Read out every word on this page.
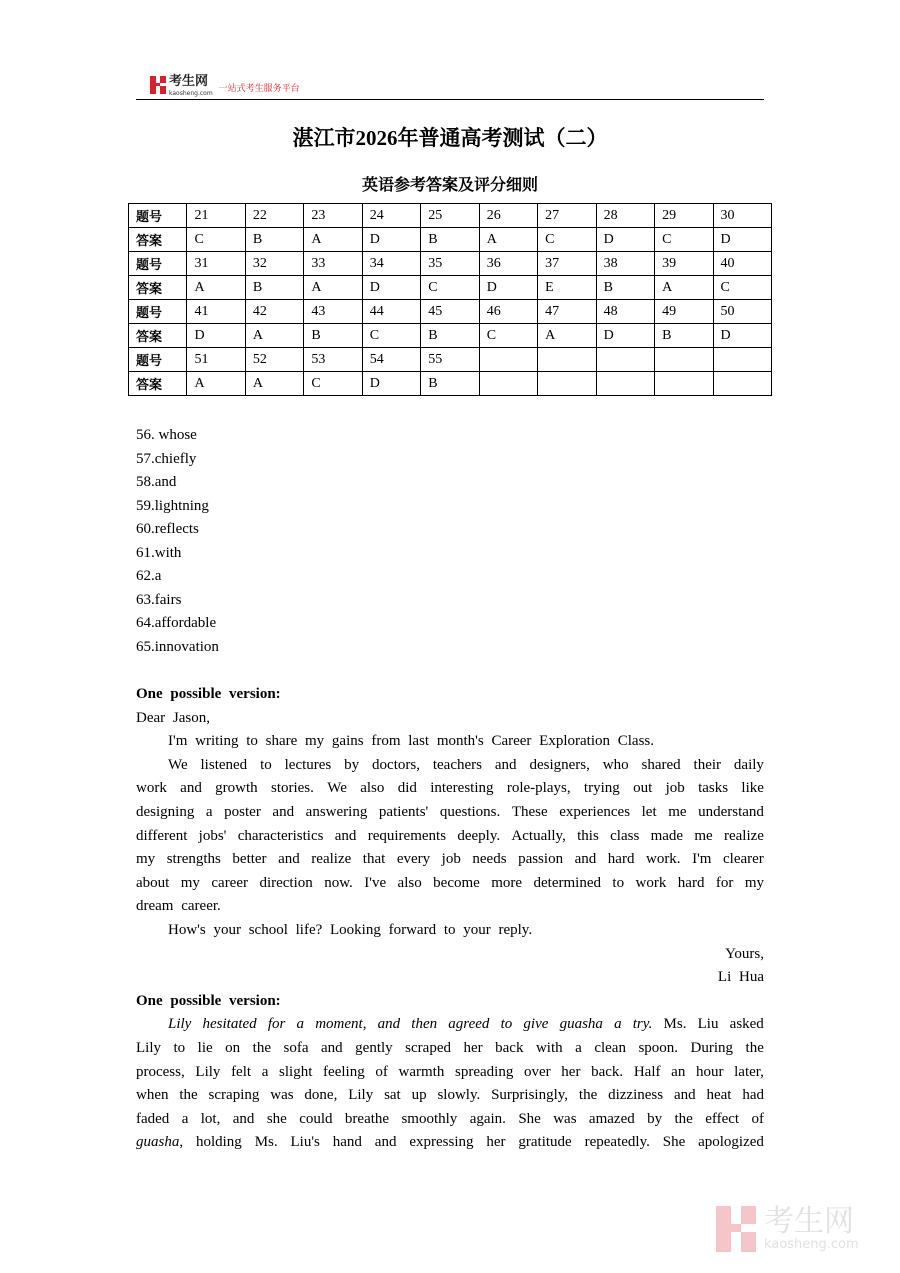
考生网
kaosheng.com 一站式考生服务平台
湛江市2026年普通高考测试（二）
英语参考答案及评分细则
题号	21	22	23	24	25	26	27	28	29	30
答案	C	B	A	D	B	A	C	D	C	D
题号	31	32	33	34	35	36	37	38	39	40
答案	A	B	A	D	C	D	E	B	A	C
题号	41	42	43	44	45	46	47	48	49	50
答案	D	A	B	C	B	C	A	D	B	D
题号	51	52	53	54	55					
答案	A	A	C	D	B					
56. whose
57.chiefly
58.and
59.lightning
60.reflects
61.with
62.a
63.fairs
64.affordable
65.innovation
One possible version:
Dear Jason,
I'm writing to share my gains from last month's Career Exploration Class.
We listened to lectures by doctors, teachers and designers, who shared their daily
work and growth stories. We also did interesting role-plays, trying out job tasks like
designing a poster and answering patients' questions. These experiences let me understand
different jobs' characteristics and requirements deeply. Actually, this class made me realize
my strengths better and realize that every job needs passion and hard work. I'm clearer
about my career direction now. I've also become more determined to work hard for my
dream career.
How's your school life? Looking forward to your reply.
Yours,
Li Hua
One possible version:
Lily hesitated for a moment, and then agreed to give guasha a try. Ms. Liu asked
Lily to lie on the sofa and gently scraped her back with a clean spoon. During the
process, Lily felt a slight feeling of warmth spreading over her back. Half an hour later,
when the scraping was done, Lily sat up slowly. Surprisingly, the dizziness and heat had
faded a lot, and she could breathe smoothly again. She was amazed by the effect of
guasha, holding Ms. Liu's hand and expressing her gratitude repeatedly. She apologized
考生网
kaosheng.com
